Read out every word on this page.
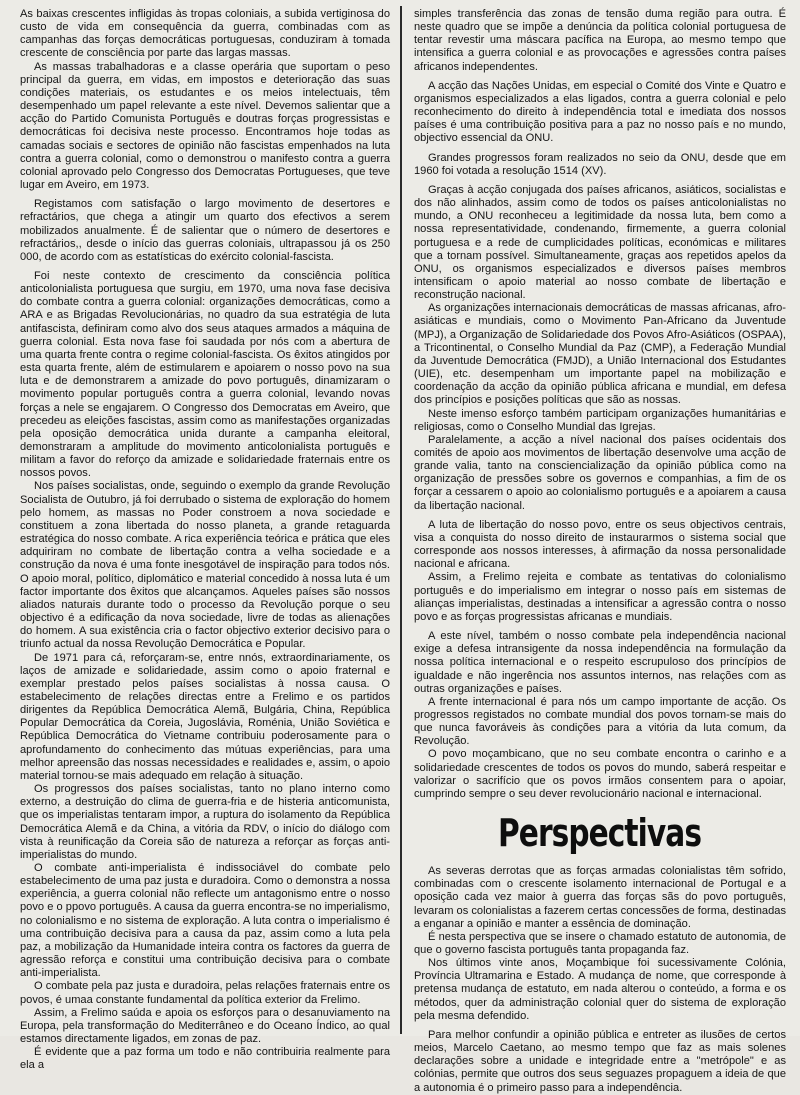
As baixas crescentes infligidas às tropas coloniais, a subida vertiginosa do custo de vida em consequência da guerra, combinadas com as campanhas das forças democráticas portuguesas, conduziram à tomada crescente de consciência por parte das largas massas.

As massas trabalhadoras e a classe operária que suportam o peso principal da guerra, em vidas, em impostos e deterioração das suas condições materiais, os estudantes e os meios intelectuais, têm desempenhado um papel relevante a este nível. Devemos salientar que a acção do Partido Comunista Português e doutras forças progressistas e democráticas foi decisiva neste processo. Encontramos hoje todas as camadas sociais e sectores de opinião não fascistas empenhados na luta contra a guerra colonial, como o demonstrou o manifesto contra a guerra colonial aprovado pelo Congresso dos Democratas Portugueses, que teve lugar em Aveiro, em 1973.

Registamos com satisfação o largo movimento de desertores e refractários, que chega a atingir um quarto dos efectivos a serem mobilizados anualmente. É de salientar que o número de desertores e refractários,, desde o início das guerras coloniais, ultrapassou já os 250 000, de acordo com as estatísticas do exército colonial-fascista.

Foi neste contexto de crescimento da consciência política anticolonialista portuguesa que surgiu, em 1970, uma nova fase decisiva do combate contra a guerra colonial: organizações democráticas, como a ARA e as Brigadas Revolucionárias, no quadro da sua estratégia de luta antifascista, definiram como alvo dos seus ataques armados a máquina de guerra colonial. Esta nova fase foi saudada por nós com a abertura de uma quarta frente contra o regime colonial-fascista. Os êxitos atingidos por esta quarta frente, além de estimularem e apoiarem o nosso povo na sua luta e de demonstrarem a amizade do povo português, dinamizaram o movimento popular português contra a guerra colonial, levando novas forças a nele se engajarem. O Congresso dos Democratas em Aveiro, que precedeu as eleições fascistas, assim como as manifestações organizadas pela oposição democrática unida durante a campanha eleitoral, demonstraram a amplitude do movimento anticolonialista português e militam a favor do reforço da amizade e solidariedade fraternais entre os nossos povos.

Nos países socialistas, onde, seguindo o exemplo da grande Revolução Socialista de Outubro, já foi derrubado o sistema de exploração do homem pelo homem, as massas no Poder constroem a nova sociedade e constituem a zona libertada do nosso planeta, a grande retaguarda estratégica do nosso combate. A rica experiência teórica e prática que eles adquiriram no combate de libertação contra a velha sociedade e a construção da nova é uma fonte inesgotável de inspiração para todos nós. O apoio moral, político, diplomático e material concedido à nossa luta é um factor importante dos êxitos que alcançamos. Aqueles países são nossos aliados naturais durante todo o processo da Revolução porque o seu objectivo é a edificação da nova sociedade, livre de todas as alienações do homem. A sua existência cria o factor objectivo exterior decisivo para o triunfo actual da nossa Revolução Democrática e Popular.

De 1971 para cá, reforçaram-se, entre nnós, extraordinariamente, os laços de amizade e solidariedade, assim como o apoio fraternal e exemplar prestado pelos países socialistas à nossa causa. O estabelecimento de relações directas entre a Frelimo e os partidos dirigentes da República Democrática Alemã, Bulgária, China, República Popular Democrática da Coreia, Jugoslávia, Roménia, União Soviética e República Democrática do Vietname contribuiu poderosamente para o aprofundamento do conhecimento das mútuas experiências, para uma melhor apreensão das nossas necessidades e realidades e, assim, o apoio material tornou-se mais adequado em relação à situação.

Os progressos dos países socialistas, tanto no plano interno como externo, a destruição do clima de guerra-fria e de histeria anticomunista, que os imperialistas tentaram impor, a ruptura do isolamento da República Democrática Alemã e da China, a vitória da RDV, o início do diálogo com vista à reunificação da Coreia são de natureza a reforçar as forças anti-imperialistas do mundo.

O combate anti-imperialista é indissociável do combate pelo estabelecimento de uma paz justa e duradoira. Como o demonstra a nossa experiência, a guerra colonial não reflecte um antagonismo entre o nosso povo e o ppovo português. A causa da guerra encontra-se no imperialismo, no colonialismo e no sistema de exploração. A luta contra o imperialismo é uma contribuição decisiva para a causa da paz, assim como a luta pela paz, a mobilização da Humanidade inteira contra os factores da guerra de agressão reforça e constitui uma contribuição decisiva para o combate anti-imperialista.

O combate pela paz justa e duradoira, pelas relações fraternais entre os povos, é umaa constante fundamental da política exterior da Frelimo.

Assim, a Frelimo saúda e apoia os esforços para o desanuviamento na Europa, pela transformação do Mediterrâneo e do Oceano Índico, ao qual estamos directamente ligados, em zonas de paz.

É evidente que a paz forma um todo e não contribuiria realmente para ela a

simples transferência das zonas de tensão duma região para outra. É neste quadro que se impõe a denúncia da política colonial portuguesa de tentar revestir uma máscara pacífica na Europa, ao mesmo tempo que intensifica a guerra colonial e as provocações e agressões contra países africanos independentes.

A acção das Nações Unidas, em especial o Comité dos Vinte e Quatro e organismos especializados a elas ligados, contra a guerra colonial e pelo reconhecimento do direito à independência total e imediata dos nossos países é uma contribuição positiva para a paz no nosso país e no mundo, objectivo essencial da ONU.

Grandes progressos foram realizados no seio da ONU, desde que em 1960 foi votada a resolução 1514 (XV).

Graças à acção conjugada dos países africanos, asiáticos, socialistas e dos não alinhados, assim como de todos os países anticolonialistas no mundo, a ONU reconheceu a legitimidade da nossa luta, bem como a nossa representatividade, condenando, firmemente, a guerra colonial portuguesa e a rede de cumplicidades políticas, económicas e militares que a tornam possível. Simultaneamente, graças aos repetidos apelos da ONU, os organismos especializados e diversos países membros intensificam o apoio material ao nosso combate de libertação e reconstrução nacional.

As organizações internacionais democráticas de massas africanas, afro-asiáticas e mundiais, como o Movimento Pan-Africano da Juventude (MPJ), a Organização de Solidariedade dos Povos Afro-Asiáticos (OSPAA), a Tricontinental, o Conselho Mundial da Paz (CMP), a Federação Mundial da Juventude Democrática (FMJD), a União Internacional dos Estudantes (UIE), etc. desempenham um importante papel na mobilização e coordenação da acção da opinião pública africana e mundial, em defesa dos princípios e posições políticas que são as nossas.

Neste imenso esforço também participam organizações humanitárias e religiosas, como o Conselho Mundial das Igrejas.

Paralelamente, a acção a nível nacional dos países ocidentais dos comités de apoio aos movimentos de libertação desenvolve uma acção de grande valia, tanto na consciencialização da opinião pública como na organização de pressões sobre os governos e companhias, a fim de os forçar a cessarem o apoio ao colonialismo português e a apoiarem a causa da libertação nacional.

A luta de libertação do nosso povo, entre os seus objectivos centrais, visa a conquista do nosso direito de instaurarmos o sistema social que corresponde aos nossos interesses, à afirmação da nossa personalidade nacional e africana.

Assim, a Frelimo rejeita e combate as tentativas do colonialismo português e do imperialismo em integrar o nosso país em sistemas de alianças imperialistas, destinadas a intensificar a agressão contra o nosso povo e as forças progressistas africanas e mundiais.

A este nível, também o nosso combate pela independência nacional exige a defesa intransigente da nossa independência na formulação da nossa política internacional e o respeito escrupuloso dos princípios de igualdade e não ingerência nos assuntos internos, nas relações com as outras organizações e países.

A frente internacional é para nós um campo importante de acção. Os progressos registados no combate mundial dos povos tornam-se mais do que nunca favoráveis às condições para a vitória da luta comum, da Revolução.

O povo moçambicano, que no seu combate encontra o carinho e a solidariedade crescentes de todos os povos do mundo, saberá respeitar e valorizar o sacrifício que os povos irmãos consentem para o apoiar, cumprindo sempre o seu dever revolucionário nacional e internacional.

Perspectivas

As severas derrotas que as forças armadas colonialistas têm sofrido, combinadas com o crescente isolamento internacional de Portugal e a oposição cada vez maior à guerra das forças sãs do povo português, levaram os colonialistas a fazerem certas concessões de forma, destinadas a enganar a opinião e manter a essência de dominação.

É nesta perspectiva que se insere o chamado estatuto de autonomia, de que o governo fascista português tanta propaganda faz.

Nos últimos vinte anos, Moçambique foi sucessivamente Colónia, Província Ultramarina e Estado. A mudança de nome, que corresponde à pretensa mudança de estatuto, em nada alterou o conteúdo, a forma e os métodos, quer da administração colonial quer do sistema de exploração pela mesma defendido.

Para melhor confundir a opinião pública e entreter as ilusões de certos meios, Marcelo Caetano, ao mesmo tempo que faz as mais solenes declarações sobre a unidade e integridade entre a "metrópole" e as colónias, permite que outros dos seus seguazes propaguem a ideia de que a autonomia é o primeiro passo para a independência.
